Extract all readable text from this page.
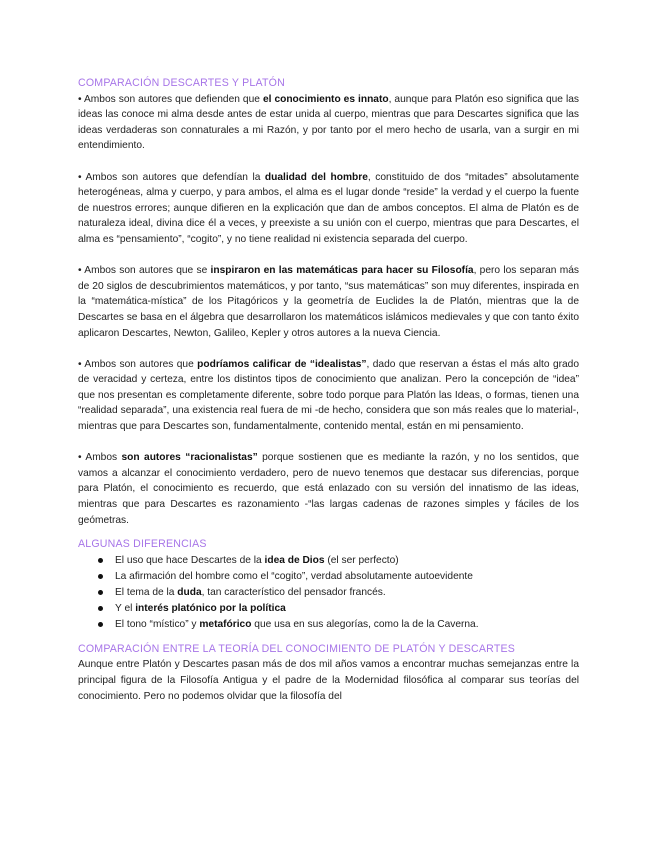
COMPARACIÓN DESCARTES Y PLATÓN
• Ambos son autores que defienden que el conocimiento es innato, aunque para Platón eso significa que las ideas las conoce mi alma desde antes de estar unida al cuerpo, mientras que para Descartes significa que las ideas verdaderas son connaturales a mi Razón, y por tanto por el mero hecho de usarla, van a surgir en mi entendimiento.
• Ambos son autores que defendían la dualidad del hombre, constituido de dos “mitades” absolutamente heterogéneas, alma y cuerpo, y para ambos, el alma es el lugar donde “reside” la verdad y el cuerpo la fuente de nuestros errores; aunque difieren en la explicación que dan de ambos conceptos. El alma de Platón es de naturaleza ideal, divina dice él a veces, y preexiste a su unión con el cuerpo, mientras que para Descartes, el alma es “pensamiento”, “cogito”, y no tiene realidad ni existencia separada del cuerpo.
• Ambos son autores que se inspiraron en las matemáticas para hacer su Filosofía, pero los separan más de 20 siglos de descubrimientos matemáticos, y por tanto, “sus matemáticas” son muy diferentes, inspirada en la “matemática-mística” de los Pitagóricos y la geometría de Euclides la de Platón, mientras que la de Descartes se basa en el álgebra que desarrollaron los matemáticos islámicos medievales y que con tanto éxito aplicaron Descartes, Newton, Galileo, Kepler y otros autores a la nueva Ciencia.
• Ambos son autores que podríamos calificar de “idealistas”, dado que reservan a éstas el más alto grado de veracidad y certeza, entre los distintos tipos de conocimiento que analizan. Pero la concepción de “idea” que nos presentan es completamente diferente, sobre todo porque para Platón las Ideas, o formas, tienen una “realidad separada”, una existencia real fuera de mi -de hecho, considera que son más reales que lo material-, mientras que para Descartes son, fundamentalmente, contenido mental, están en mi pensamiento.
• Ambos son autores “racionalistas” porque sostienen que es mediante la razón, y no los sentidos, que vamos a alcanzar el conocimiento verdadero, pero de nuevo tenemos que destacar sus diferencias, porque para Platón, el conocimiento es recuerdo, que está enlazado con su versión del innatismo de las ideas, mientras que para Descartes es razonamiento -“las largas cadenas de razones simples y fáciles de los geómetras.
ALGUNAS DIFERENCIAS
El uso que hace Descartes de la idea de Dios (el ser perfecto)
La afirmación del hombre como el “cogito”, verdad absolutamente autoevidente
El tema de la duda, tan característico del pensador francés.
Y el interés platónico por la política
El tono “místico” y metafórico que usa en sus alegorías, como la de la Caverna.
COMPARACIÓN ENTRE LA TEORÍA DEL CONOCIMIENTO DE PLATÓN Y DESCARTES
Aunque entre Platón y Descartes pasan más de dos mil años vamos a encontrar muchas semejanzas entre la principal figura de la Filosofía Antigua y el padre de la Modernidad filosófica al comparar sus teorías del conocimiento. Pero no podemos olvidar que la filosofía del
